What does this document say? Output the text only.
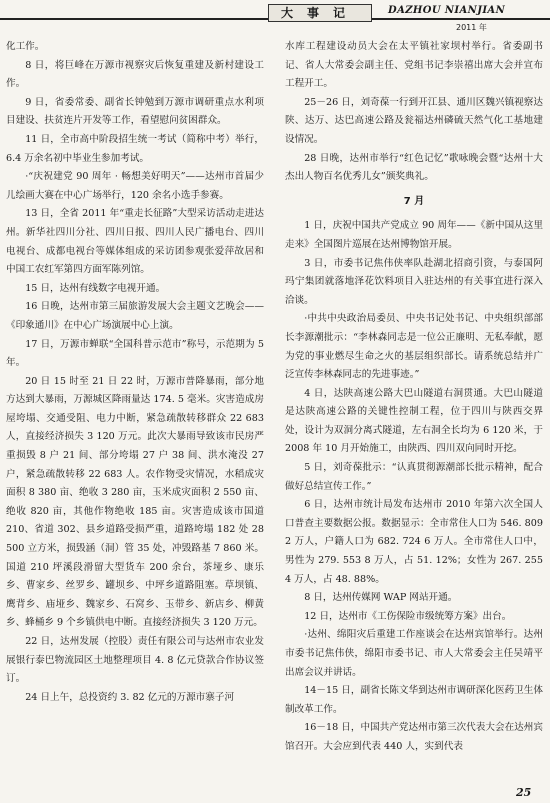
大事记	DAZHOU NIANJIAN
2011 年

化工作。

8 日，将巨峰在万源市视察灾后恢复重建及新村建设工作。

9 日，省委常委、副省长钟勉到万源市调研重点水利项目建设、扶贫连片开发等工作，看望慰问贫困群众。

11 日，全市高中阶段招生统一考试（简称中考）举行，6.4 万余名初中毕业生参加考试。

·“庆祝建党 90 周年 · 畅想美好明天”——达州市首届少儿绘画大赛在中心广场举行，120 余名小选手参赛。

13 日，全省 2011 年“重走长征路”大型采访活动走进达州。新华社四川分社、四川日报、四川人民广播电台、四川电视台、成都电视台等媒体组成的采访团参观张爱萍故居和中国工农红军第四方面军陈列馆。

15 日，达州有线数字电视开通。

16 日晚，达州市第三届旅游发展大会主题文艺晚会——《印象通川》在中心广场演展中心上演。

17 日，万源市蝉联“全国科普示范市”称号，示范期为 5 年。

20 日 15 时至 21 日 22 时，万源市普降暴雨，部分地方达到大暴雨，万源城区降雨量达 174. 5 毫米。灾害造成房屋垮塌、交通受阻、电力中断，紧急疏散转移群众 22 683 人，直接经济损失 3 120 万元。此次大暴雨导致该市民房严重损毁 8 户 21 间、部分垮塌 27 户 38 间、洪水淹没 27 户，紧急疏散转移 22 683 人。农作物受灾情况，水稻成灾面积 8 380 亩、绝收 3 280 亩，玉米成灾面积 2 550 亩、绝收 820 亩，其他作物绝收 185 亩。灾害造成该市国道 210、省道 302、县乡道路受损严重，道路垮塌 182 处 28 500 立方米，损毁涵（洞）管 35 处，冲毁路基 7 860 米。国道 210 坪溪段滑留大型货车 200 余台，茶垭乡、康乐乡、曹家乡、丝罗乡、罐坝乡、中坪乡道路阻塞。草坝镇、鹰背乡、庙垭乡、魏家乡、石窝乡、玉带乡、新店乡、柳黄乡、蜂桶乡 9 个乡镇供电中断。直接经济损失 3 120 万元。

22 日，达州发展（控股）责任有限公司与达州市农业发展银行泰巴物流园区土地整理项目 4. 8 亿元贷款合作协议签订。

24 日上午，总投资约 3. 82 亿元的万源市寨子河

水库工程建设动员大会在太平镇社家坝村举行。省委副书记、省人大常委会副主任、党组书记李崇禧出席大会并宣布工程开工。

25－26 日，刘奇葆一行到开江县、通川区魏兴镇视察达陕、达万、达巴高速公路及瓮福达州磷硫天然气化工基地建设情况。

28 日晚，达州市举行“红色记忆”歌咏晚会暨“达州十大杰出人物百名优秀儿女”颁奖典礼。

7 月

1 日，庆祝中国共产党成立 90 周年——《新中国从这里走来》全国图片巡展在达州博物馆开展。

3 日，市委书记焦伟侠率队赴湖北招商引资，与泰国阿玛宁集团就落地泽花饮料项目入驻达州的有关事宜进行深入洽谈。

·中共中央政治局委员、中央书记处书记、中央组织部部长李源潮批示：“李林森同志是一位公正廉明、无私奉献，愿为党的事业燃尽生命之火的基层组织部长。请系统总结并广泛宣传李林森同志的先进事迹。”

4 日，达陕高速公路大巴山隧道右洞贯通。大巴山隧道是达陕高速公路的关键性控制工程，位于四川与陕西交界处，设计为双洞分离式隧道，左右洞全长均为 6 120 米，于 2008 年 10 月开始施工，由陕西、四川双向同时开挖。

5 日，刘奇葆批示：“认真贯彻源潮部长批示精神，配合做好总结宣传工作。”

6 日，达州市统计局发布达州市 2010 年第六次全国人口普查主要数据公报。数据显示：全市常住人口为 546. 809 2 万人，户籍人口为 682. 724 6 万人。全市常住人口中，男性为 279. 553 8 万人，占 51. 12%；女性为 267. 255 4 万人，占 48. 88%。

8 日，达州传媒网 WAP 网站开通。

12 日，达州市《工伤保险市级统筹方案》出台。

·达州、绵阳灾后重建工作座谈会在达州宾馆举行。达州市委书记焦伟侠，绵阳市委书记、市人大常委会主任吴靖平出席会议并讲话。

14－15 日，副省长陈文华到达州市调研深化医药卫生体制改革工作。

16－18 日，中国共产党达州市第三次代表大会在达州宾馆召开。大会应到代表 440 人，实到代表

25
